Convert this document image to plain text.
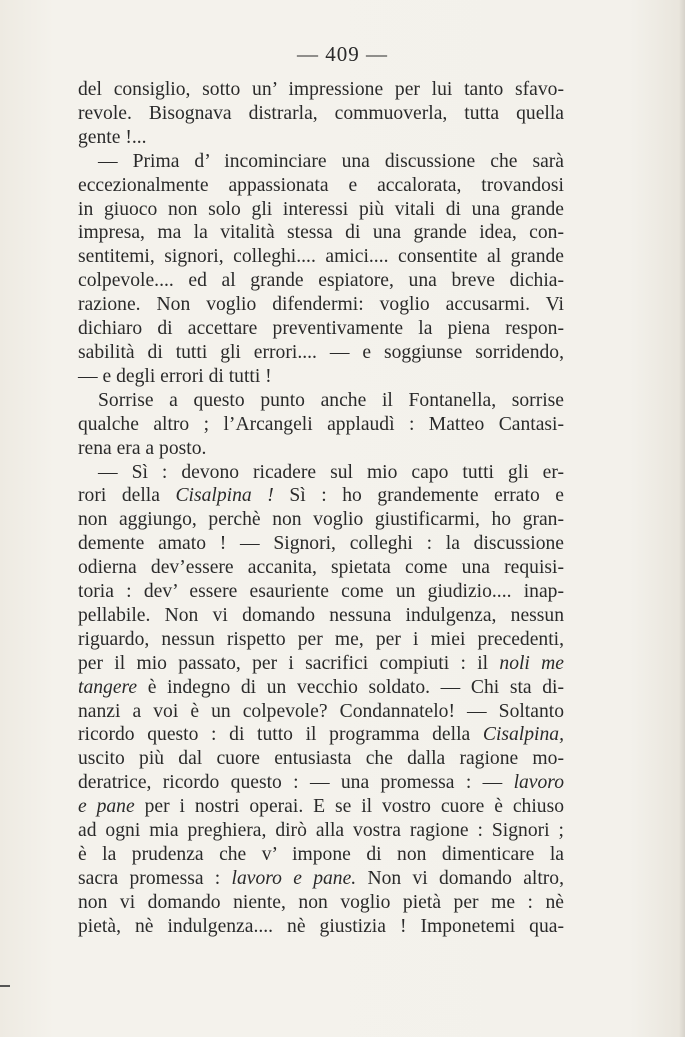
— 409 —
del consiglio, sotto un’ impressione per lui tanto sfavo-
revole. Bisognava distrarla, commuoverla, tutta quella
gente !...
— Prima d’ incominciare una discussione che sarà
eccezionalmente appassionata e accalorata, trovandosi
in giuoco non solo gli interessi più vitali di una grande
impresa, ma la vitalità stessa di una grande idea, con-
sentitemi, signori, colleghi.... amici.... consentite al grande
colpevole.... ed al grande espiatore, una breve dichia-
razione. Non voglio difendermi: voglio accusarmi. Vi
dichiaro di accettare preventivamente la piena respon-
sabilità di tutti gli errori.... — e soggiunse sorridendo,
— e degli errori di tutti !
Sorrise a questo punto anche il Fontanella, sorrise
qualche altro ; l’Arcangeli applaudì : Matteo Cantasi-
rena era a posto.
— Sì : devono ricadere sul mio capo tutti gli er-
rori della Cisalpina ! Sì : ho grandemente errato e
non aggiungo, perchè non voglio giustificarmi, ho gran-
demente amato ! — Signori, colleghi : la discussione
odierna dev’essere accanita, spietata come una requisi-
toria : dev’ essere esauriente come un giudizio.... inap-
pellabile. Non vi domando nessuna indulgenza, nessun
riguardo, nessun rispetto per me, per i miei precedenti,
per il mio passato, per i sacrifici compiuti : il noli me
tangere è indegno di un vecchio soldato. — Chi sta di-
nanzi a voi è un colpevole? Condannatelo! — Soltanto
ricordo questo : di tutto il programma della Cisalpina,
uscito più dal cuore entusiasta che dalla ragione mo-
deratrice, ricordo questo : — una promessa : — lavoro
e pane per i nostri operai. E se il vostro cuore è chiuso
ad ogni mia preghiera, dirò alla vostra ragione : Signori ;
è la prudenza che v’ impone di non dimenticare la
sacra promessa : lavoro e pane. Non vi domando altro,
non vi domando niente, non voglio pietà per me : nè
pietà, nè indulgenza.... nè giustizia ! Imponetemi qua-
